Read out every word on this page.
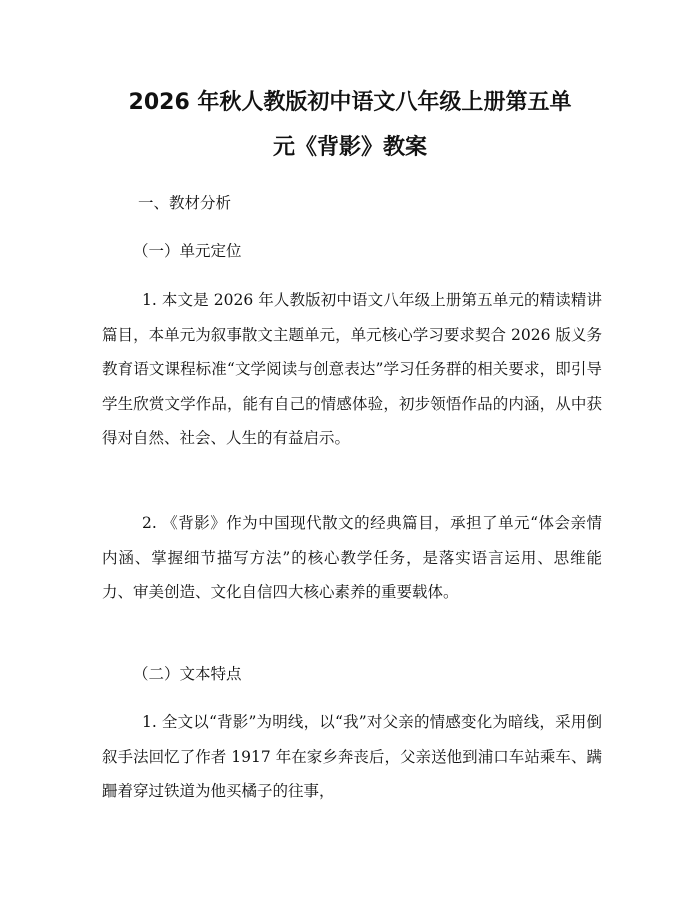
2026 年秋人教版初中语文八年级上册第五单
元《背影》教案
一、教材分析
（一）单元定位
1. 本文是 2026 年人教版初中语文八年级上册第五单元的精读精讲篇目，本单元为叙事散文主题单元，单元核心学习要求契合 2026 版义务教育语文课程标准“文学阅读与创意表达”学习任务群的相关要求，即引导学生欣赏文学作品，能有自己的情感体验，初步领悟作品的内涵，从中获得对自然、社会、人生的有益启示。
2. 《背影》作为中国现代散文的经典篇目，承担了单元“体会亲情内涵、掌握细节描写方法”的核心教学任务，是落实语言运用、思维能力、审美创造、文化自信四大核心素养的重要载体。
（二）文本特点
1. 全文以“背影”为明线，以“我”对父亲的情感变化为暗线，采用倒叙手法回忆了作者 1917 年在家乡奔丧后，父亲送他到浦口车站乘车、蹒跚着穿过铁道为他买橘子的往事，
